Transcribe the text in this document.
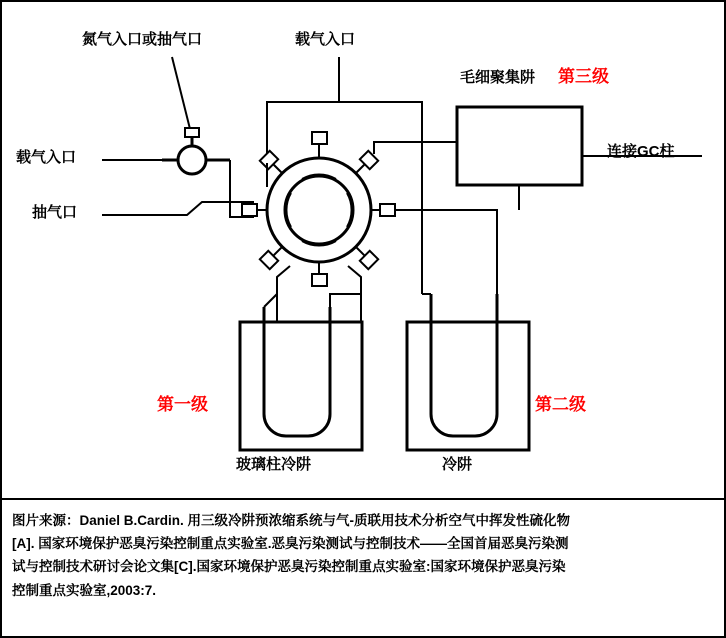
氮气入口或抽气口	载气入口
载气入口
抽气口
毛细聚集阱 第三级
连接GC柱
第一级	第二级
玻璃柱冷阱	冷阱
图片来源：Daniel B.Cardin. 用三级冷阱预浓缩系统与气-质联用技术分析空气中挥发性硫化物
[A]. 国家环境保护恶臭污染控制重点实验室.恶臭污染测试与控制技术——全国首届恶臭污染测
试与控制技术研讨会论文集[C].国家环境保护恶臭污染控制重点实验室:国家环境保护恶臭污染
控制重点实验室,2003:7.
